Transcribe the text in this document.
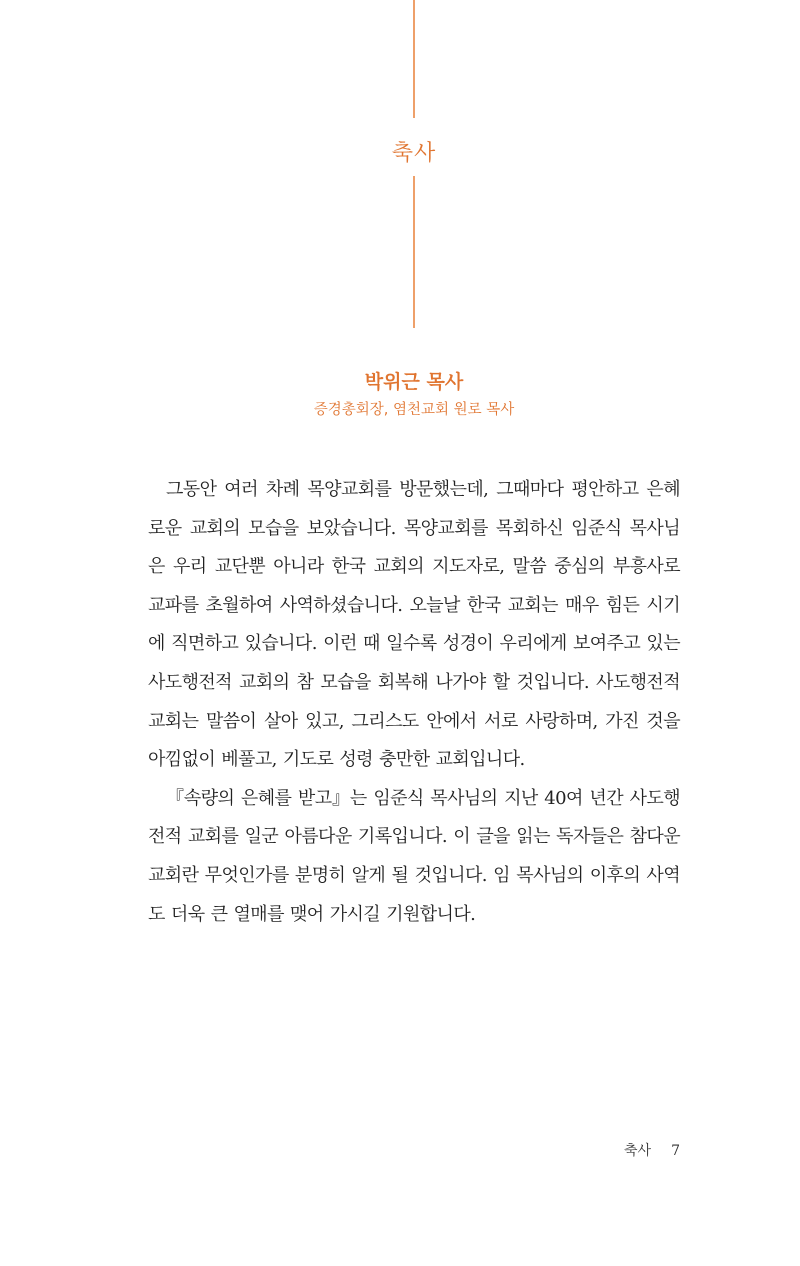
축사
박위근 목사
증경총회장, 염천교회 원로 목사

그동안 여러 차례 목양교회를 방문했는데, 그때마다 평안하고 은혜로운 교회의 모습을 보았습니다. 목양교회를 목회하신 임준식 목사님은 우리 교단뿐 아니라 한국 교회의 지도자로, 말씀 중심의 부흥사로 교파를 초월하여 사역하셨습니다. 오늘날 한국 교회는 매우 힘든 시기에 직면하고 있습니다. 이런 때 일수록 성경이 우리에게 보여주고 있는 사도행전적 교회의 참 모습을 회복해 나가야 할 것입니다. 사도행전적 교회는 말씀이 살아 있고, 그리스도 안에서 서로 사랑하며, 가진 것을 아낌없이 베풀고, 기도로 성령 충만한 교회입니다.

『속량의 은혜를 받고』는 임준식 목사님의 지난 40여 년간 사도행전적 교회를 일군 아름다운 기록입니다. 이 글을 읽는 독자들은 참다운 교회란 무엇인가를 분명히 알게 될 것입니다. 임 목사님의 이후의 사역도 더욱 큰 열매를 맺어 가시길 기원합니다.

축사 7
